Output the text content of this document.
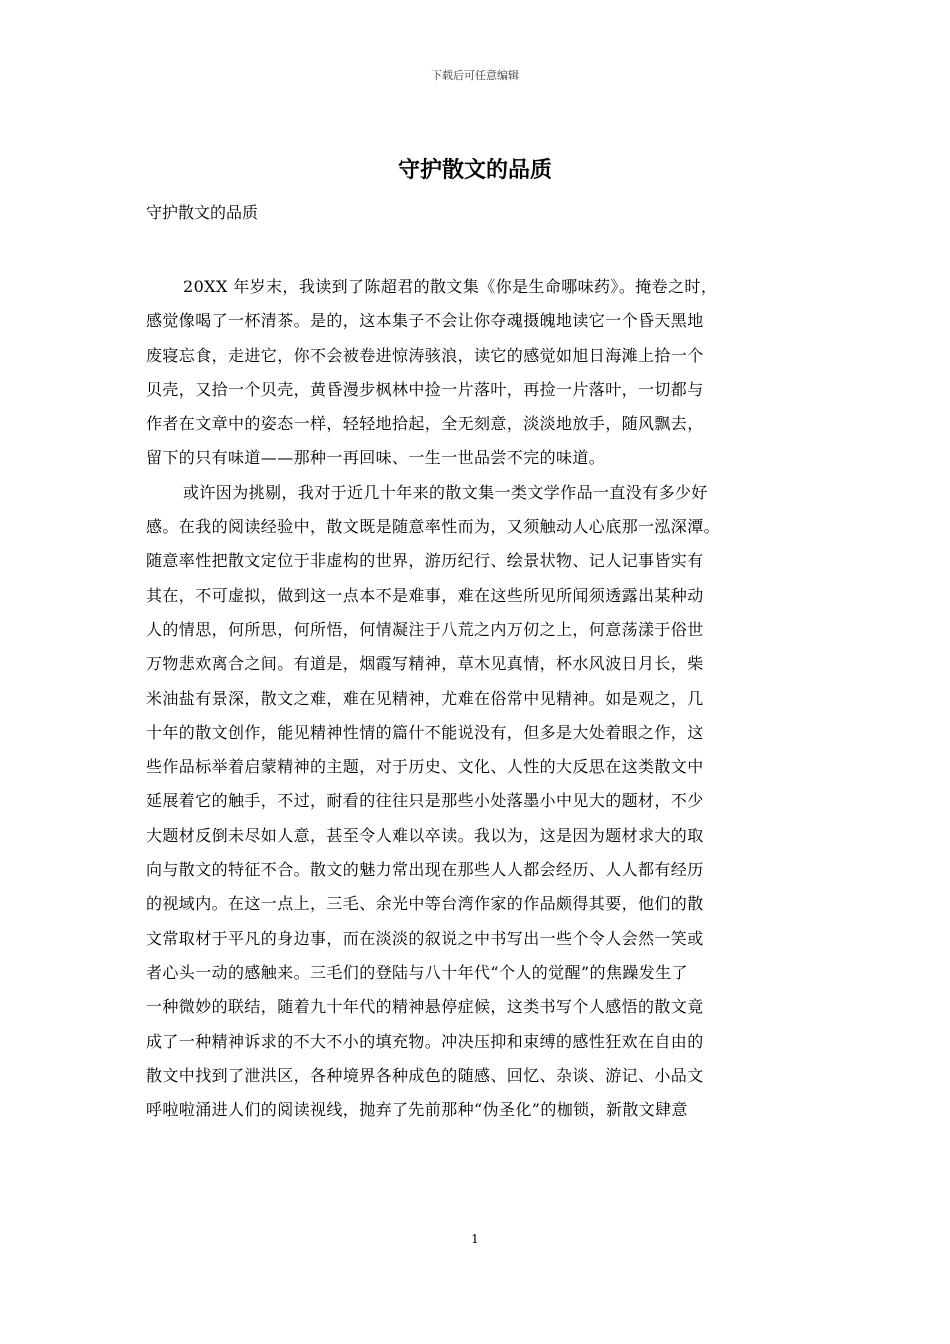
下载后可任意编辑
守护散文的品质

守护散文的品质

20XX 年岁末，我读到了陈超君的散文集《你是生命哪味药》。掩卷之时，
感觉像喝了一杯清茶。是的，这本集子不会让你夺魂摄魄地读它一个昏天黑地
废寝忘食，走进它，你不会被卷进惊涛骇浪，读它的感觉如旭日海滩上拾一个
贝壳，又拾一个贝壳，黄昏漫步枫林中捡一片落叶，再捡一片落叶，一切都与
作者在文章中的姿态一样，轻轻地拾起，全无刻意，淡淡地放手，随风飘去，
留下的只有味道——那种一再回味、一生一世品尝不完的味道。
或许因为挑剔，我对于近几十年来的散文集一类文学作品一直没有多少好
感。在我的阅读经验中，散文既是随意率性而为，又须触动人心底那一泓深潭。
随意率性把散文定位于非虚构的世界，游历纪行、绘景状物、记人记事皆实有
其在，不可虚拟，做到这一点本不是难事，难在这些所见所闻须透露出某种动
人的情思，何所思，何所悟，何情凝注于八荒之内万仞之上，何意荡漾于俗世
万物悲欢离合之间。有道是，烟霞写精神，草木见真情，杯水风波日月长，柴
米油盐有景深，散文之难，难在见精神，尤难在俗常中见精神。如是观之，几
十年的散文创作，能见精神性情的篇什不能说没有，但多是大处着眼之作，这
些作品标举着启蒙精神的主题，对于历史、文化、人性的大反思在这类散文中
延展着它的触手，不过，耐看的往往只是那些小处落墨小中见大的题材，不少
大题材反倒未尽如人意，甚至令人难以卒读。我以为，这是因为题材求大的取
向与散文的特征不合。散文的魅力常出现在那些人人都会经历、人人都有经历
的视域内。在这一点上，三毛、余光中等台湾作家的作品颇得其要，他们的散
文常取材于平凡的身边事，而在淡淡的叙说之中书写出一些个令人会然一笑或
者心头一动的感触来。三毛们的登陆与八十年代“个人的觉醒”的焦躁发生了
一种微妙的联结，随着九十年代的精神悬停症候，这类书写个人感悟的散文竟
成了一种精神诉求的不大不小的填充物。冲决压抑和束缚的感性狂欢在自由的
散文中找到了泄洪区，各种境界各种成色的随感、回忆、杂谈、游记、小品文
呼啦啦涌进人们的阅读视线，抛弃了先前那种“伪圣化”的枷锁，新散文肆意
1
